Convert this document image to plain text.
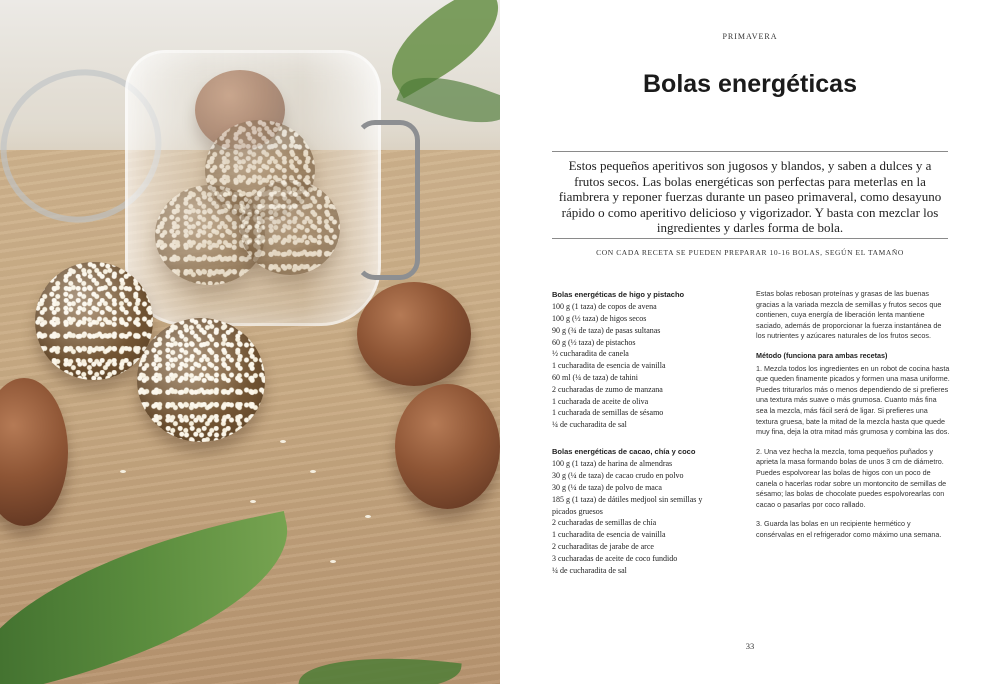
PRIMAVERA
Bolas energéticas
Estos pequeños aperitivos son jugosos y blandos, y saben a dulces y a frutos secos. Las bolas energéticas son perfectas para meterlas en la fiambrera y reponer fuerzas durante un paseo primaveral, como desayuno rápido o como aperitivo delicioso y vigorizador. Y basta con mezclar los ingredientes y darles forma de bola.
CON CADA RECETA SE PUEDEN PREPARAR 10-16 BOLAS, SEGÚN EL TAMAÑO
Bolas energéticas de higo y pistacho
100 g (1 taza) de copos de avena
100 g (½ taza) de higos secos
90 g (¾ de taza) de pasas sultanas
60 g (½ taza) de pistachos
½ cucharadita de canela
1 cucharadita de esencia de vainilla
60 ml (¼ de taza) de tahini
2 cucharadas de zumo de manzana
1 cucharada de aceite de oliva
1 cucharada de semillas de sésamo
¼ de cucharadita de sal
Bolas energéticas de cacao, chía y coco
100 g (1 taza) de harina de almendras
30 g (¼ de taza) de cacao crudo en polvo
30 g (¼ de taza) de polvo de maca
185 g (1 taza) de dátiles medjool sin semillas y picados gruesos
2 cucharadas de semillas de chía
1 cucharadita de esencia de vainilla
2 cucharaditas de jarabe de arce
3 cucharadas de aceite de coco fundido
¼ de cucharadita de sal

Estas bolas rebosan proteínas y grasas de las buenas gracias a la variada mezcla de semillas y frutos secos que contienen, cuya energía de liberación lenta mantiene saciado, además de proporcionar la fuerza instantánea de los nutrientes y azúcares naturales de los frutos secos.

Método (funciona para ambas recetas)

1. Mezcla todos los ingredientes en un robot de cocina hasta que queden finamente picados y formen una masa uniforme. Puedes triturarlos más o menos dependiendo de si prefieres una textura más suave o más grumosa. Cuanto más fina sea la mezcla, más fácil será de ligar. Si prefieres una textura gruesa, bate la mitad de la mezcla hasta que quede muy fina, deja la otra mitad más grumosa y combina las dos.

2. Una vez hecha la mezcla, toma pequeños puñados y aprieta la masa formando bolas de unos 3 cm de diámetro. Puedes espolvorear las bolas de higos con un poco de canela o hacerlas rodar sobre un montoncito de semillas de sésamo; las bolas de chocolate puedes espolvorearlas con cacao o pasarlas por coco rallado.

3. Guarda las bolas en un recipiente hermético y consérvalas en el refrigerador como máximo una semana.

33
